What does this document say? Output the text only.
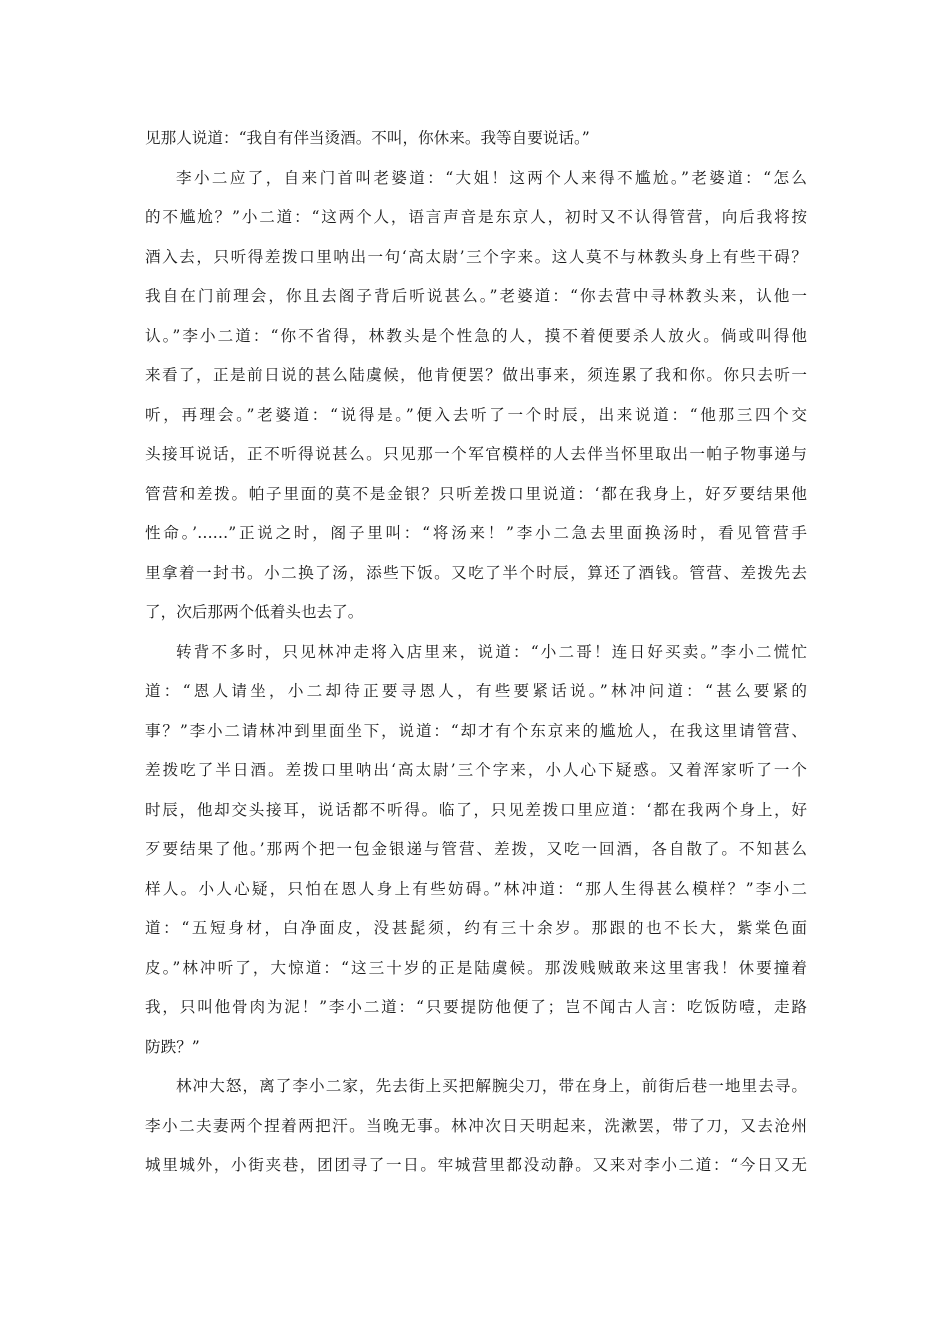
见那人说道：“我自有伴当烫酒。不叫，你休来。我等自要说话。”
李小二应了，自来门首叫老婆道：“大姐！这两个人来得不尴尬。”老婆道：“怎么
的不尴尬？”小二道：“这两个人，语言声音是东京人，初时又不认得管营，向后我将按
酒入去，只听得差拨口里呐出一句‘高太尉’三个字来。这人莫不与林教头身上有些干碍？
我自在门前理会，你且去阁子背后听说甚么。”老婆道：“你去营中寻林教头来，认他一
认。”李小二道：“你不省得，林教头是个性急的人，摸不着便要杀人放火。倘或叫得他
来看了，正是前日说的甚么陆虞候，他肯便罢？做出事来，须连累了我和你。你只去听一
听，再理会。”老婆道：“说得是。”便入去听了一个时辰，出来说道：“他那三四个交
头接耳说话，正不听得说甚么。只见那一个军官模样的人去伴当怀里取出一帕子物事递与
管营和差拨。帕子里面的莫不是金银？只听差拨口里说道：‘都在我身上，好歹要结果他
性命。’……”正说之时，阁子里叫：“将汤来！”李小二急去里面换汤时，看见管营手
里拿着一封书。小二换了汤，添些下饭。又吃了半个时辰，算还了酒钱。管营、差拨先去
了，次后那两个低着头也去了。
转背不多时，只见林冲走将入店里来，说道：“小二哥！连日好买卖。”李小二慌忙
道：“恩人请坐，小二却待正要寻恩人，有些要紧话说。”林冲问道：“甚么要紧的
事？”李小二请林冲到里面坐下，说道：“却才有个东京来的尴尬人，在我这里请管营、
差拨吃了半日酒。差拨口里呐出‘高太尉’三个字来，小人心下疑惑。又着浑家听了一个
时辰，他却交头接耳，说话都不听得。临了，只见差拨口里应道：‘都在我两个身上，好
歹要结果了他。’那两个把一包金银递与管营、差拨，又吃一回酒，各自散了。不知甚么
样人。小人心疑，只怕在恩人身上有些妨碍。”林冲道：“那人生得甚么模样？”李小二
道：“五短身材，白净面皮，没甚髭须，约有三十余岁。那跟的也不长大，紫棠色面
皮。”林冲听了，大惊道：“这三十岁的正是陆虞候。那泼贱贼敢来这里害我！休要撞着
我，只叫他骨肉为泥！”李小二道：“只要提防他便了；岂不闻古人言：吃饭防噎，走路
防跌？”
林冲大怒，离了李小二家，先去街上买把解腕尖刀，带在身上，前街后巷一地里去寻。
李小二夫妻两个捏着两把汗。当晚无事。林冲次日天明起来，洗漱罢，带了刀，又去沧州
城里城外，小街夹巷，团团寻了一日。牢城营里都没动静。又来对李小二道：“今日又无
